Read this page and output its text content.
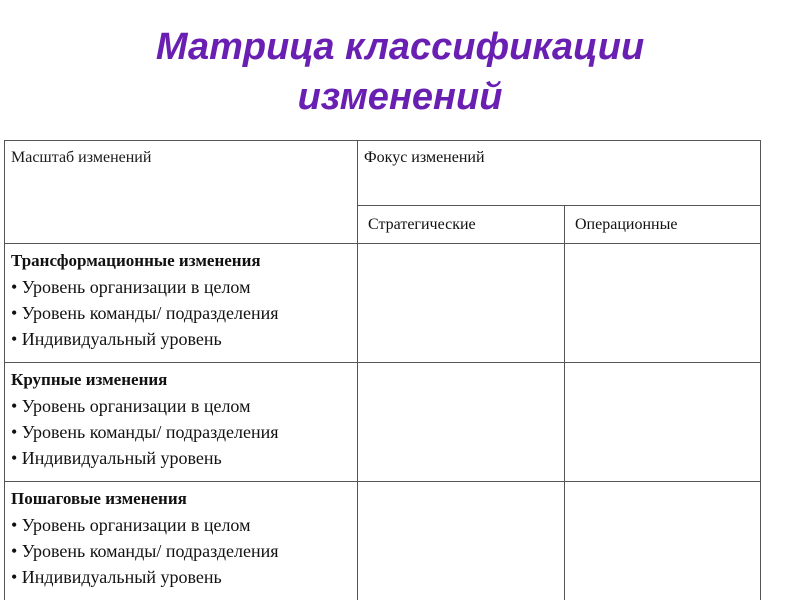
Матрица классификации
изменений
Масштаб изменений	Фокус изменений	
	Стратегические	Операционные

Трансформационные изменения
• Уровень организации в целом
• Уровень команды/ подразделения
• Индивидуальный уровень		

Крупные изменения
• Уровень организации в целом
• Уровень команды/ подразделения
• Индивидуальный уровень		

Пошаговые изменения
• Уровень организации в целом
• Уровень команды/ подразделения
• Индивидуальный уровень		
